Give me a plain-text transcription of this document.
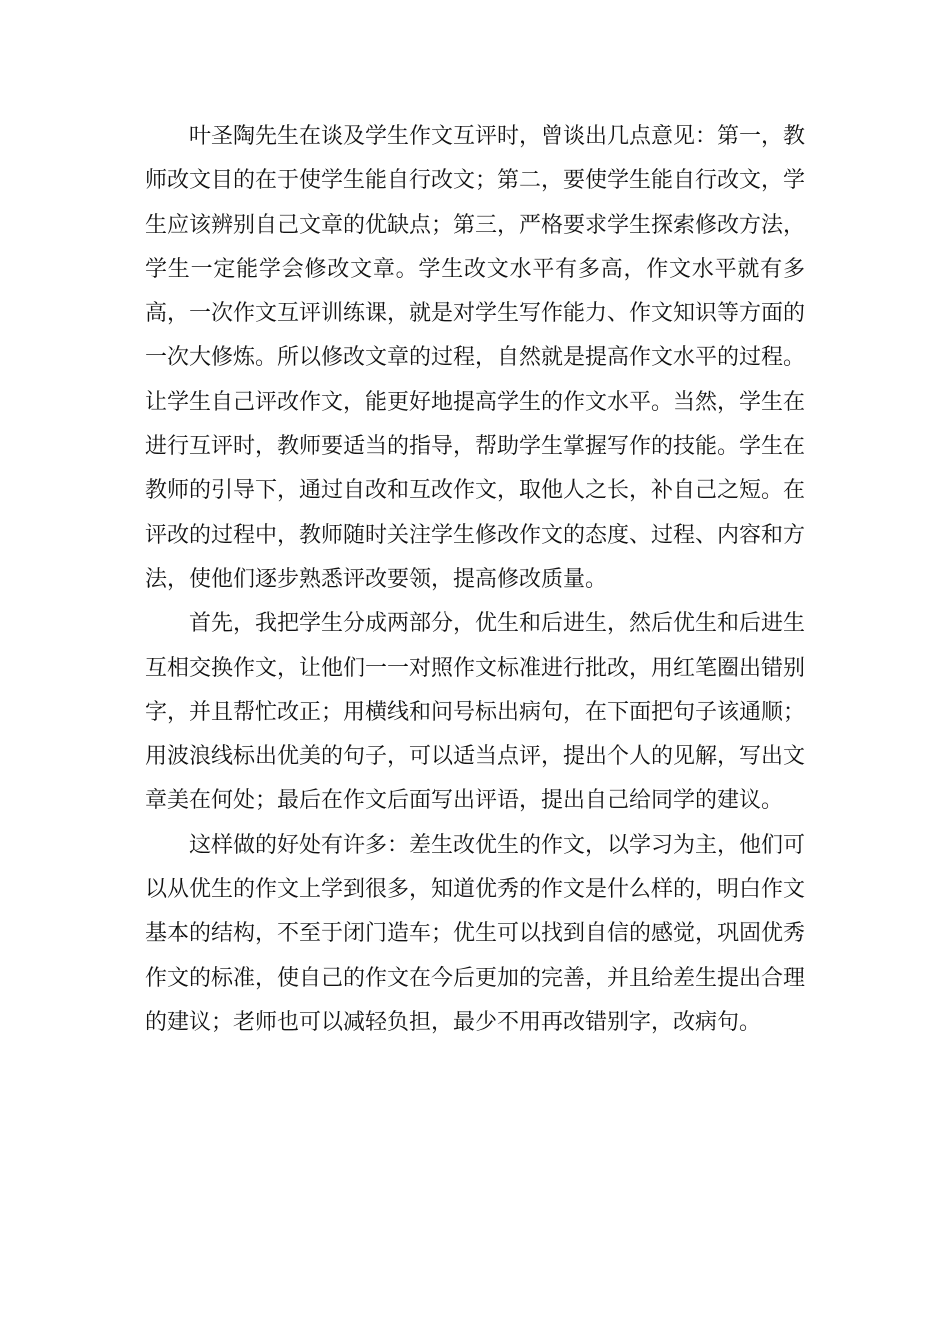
叶圣陶先生在谈及学生作文互评时，曾谈出几点意见：第一，教师改文目的在于使学生能自行改文；第二，要使学生能自行改文，学生应该辨别自己文章的优缺点；第三，严格要求学生探索修改方法，学生一定能学会修改文章。学生改文水平有多高，作文水平就有多高，一次作文互评训练课，就是对学生写作能力、作文知识等方面的一次大修炼。所以修改文章的过程，自然就是提高作文水平的过程。 让学生自己评改作文，能更好地提高学生的作文水平。当然，学生在进行互评时，教师要适当的指导，帮助学生掌握写作的技能。学生在教师的引导下，通过自改和互改作文，取他人之长，补自己之短。在评改的过程中，教师随时关注学生修改作文的态度、过程、内容和方法，使他们逐步熟悉评改要领，提高修改质量。

首先，我把学生分成两部分，优生和后进生，然后优生和后进生互相交换作文，让他们一一对照作文标准进行批改，用红笔圈出错别字，并且帮忙改正；用横线和问号标出病句，在下面把句子该通顺；用波浪线标出优美的句子，可以适当点评，提出个人的见解，写出文章美在何处；最后在作文后面写出评语，提出自己给同学的建议。

这样做的好处有许多：差生改优生的作文，以学习为主，他们可以从优生的作文上学到很多，知道优秀的作文是什么样的，明白作文基本的结构，不至于闭门造车；优生可以找到自信的感觉，巩固优秀作文的标准，使自己的作文在今后更加的完善，并且给差生提出合理的建议；老师也可以减轻负担，最少不用再改错别字，改病句。
